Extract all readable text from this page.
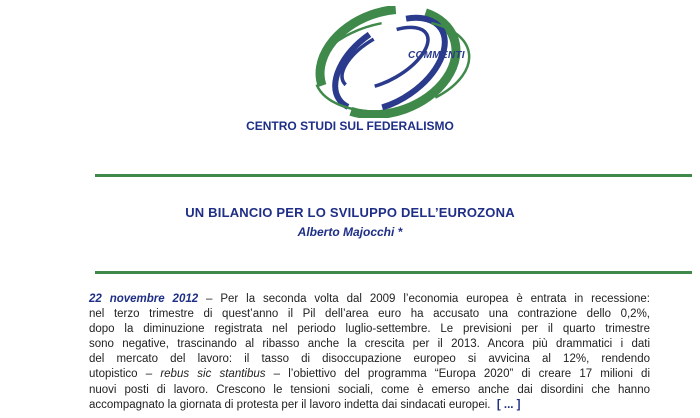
COMMENTI
CENTRO STUDI SUL FEDERALISMO
UN BILANCIO PER LO SVILUPPO DELL’EUROZONA
Alberto Majocchi *
22 novembre 2012 – Per la seconda volta dal 2009 l’economia europea è entrata in recessione:
nel terzo trimestre di quest’anno il Pil dell’area euro ha accusato una contrazione dello 0,2%,
dopo la diminuzione registrata nel periodo luglio-settembre. Le previsioni per il quarto trimestre
sono negative, trascinando al ribasso anche la crescita per il 2013. Ancora più drammatici i dati
del mercato del lavoro: il tasso di disoccupazione europeo si avvicina al 12%, rendendo
utopistico – rebus sic stantibus – l’obiettivo del programma “Europa 2020” di creare 17 milioni di
nuovi posti di lavoro. Crescono le tensioni sociali, come è emerso anche dai disordini che hanno
accompagnato la giornata di protesta per il lavoro indetta dai sindacati europei. [ ... ]
